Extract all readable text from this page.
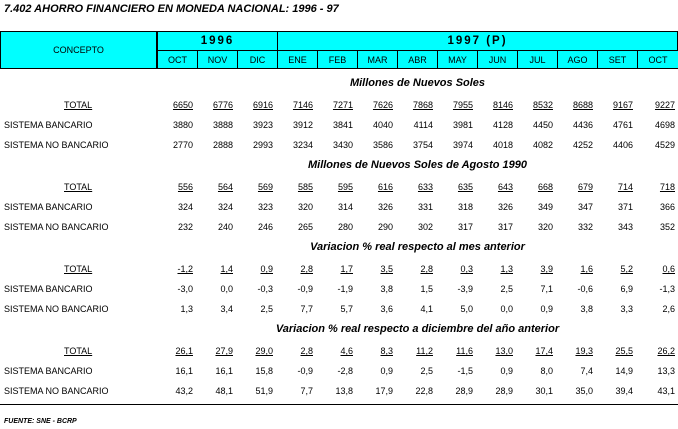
7.402 AHORRO FINANCIERO EN MONEDA NACIONAL: 1996 - 97
CONCEPTO
1996	1997 (P)
OCT	NOV	DIC	ENE	FEB	MAR	ABR	MAY	JUN	JUL	AGO	SET	OCT
Millones de Nuevos Soles
TOTAL	6650	6776	6916	7146	7271	7626	7868	7955	8146	8532	8688	9167	9227
SISTEMA BANCARIO	3880	3888	3923	3912	3841	4040	4114	3981	4128	4450	4436	4761	4698
SISTEMA NO BANCARIO	2770	2888	2993	3234	3430	3586	3754	3974	4018	4082	4252	4406	4529
Millones de Nuevos Soles de Agosto 1990
TOTAL	556	564	569	585	595	616	633	635	643	668	679	714	718
SISTEMA BANCARIO	324	324	323	320	314	326	331	318	326	349	347	371	366
SISTEMA NO BANCARIO	232	240	246	265	280	290	302	317	317	320	332	343	352
Variacion % real respecto al mes anterior
TOTAL	-1,2	1,4	0,9	2,8	1,7	3,5	2,8	0,3	1,3	3,9	1,6	5,2	0,6
SISTEMA BANCARIO	-3,0	0,0	-0,3	-0,9	-1,9	3,8	1,5	-3,9	2,5	7,1	-0,6	6,9	-1,3
SISTEMA NO BANCARIO	1,3	3,4	2,5	7,7	5,7	3,6	4,1	5,0	0,0	0,9	3,8	3,3	2,6
Variacion % real respecto a diciembre del año anterior
TOTAL	26,1	27,9	29,0	2,8	4,6	8,3	11,2	11,6	13,0	17,4	19,3	25,5	26,2
SISTEMA BANCARIO	16,1	16,1	15,8	-0,9	-2,8	0,9	2,5	-1,5	0,9	8,0	7,4	14,9	13,3
SISTEMA NO BANCARIO	43,2	48,1	51,9	7,7	13,8	17,9	22,8	28,9	28,9	30,1	35,0	39,4	43,1
FUENTE: SNE - BCRP
